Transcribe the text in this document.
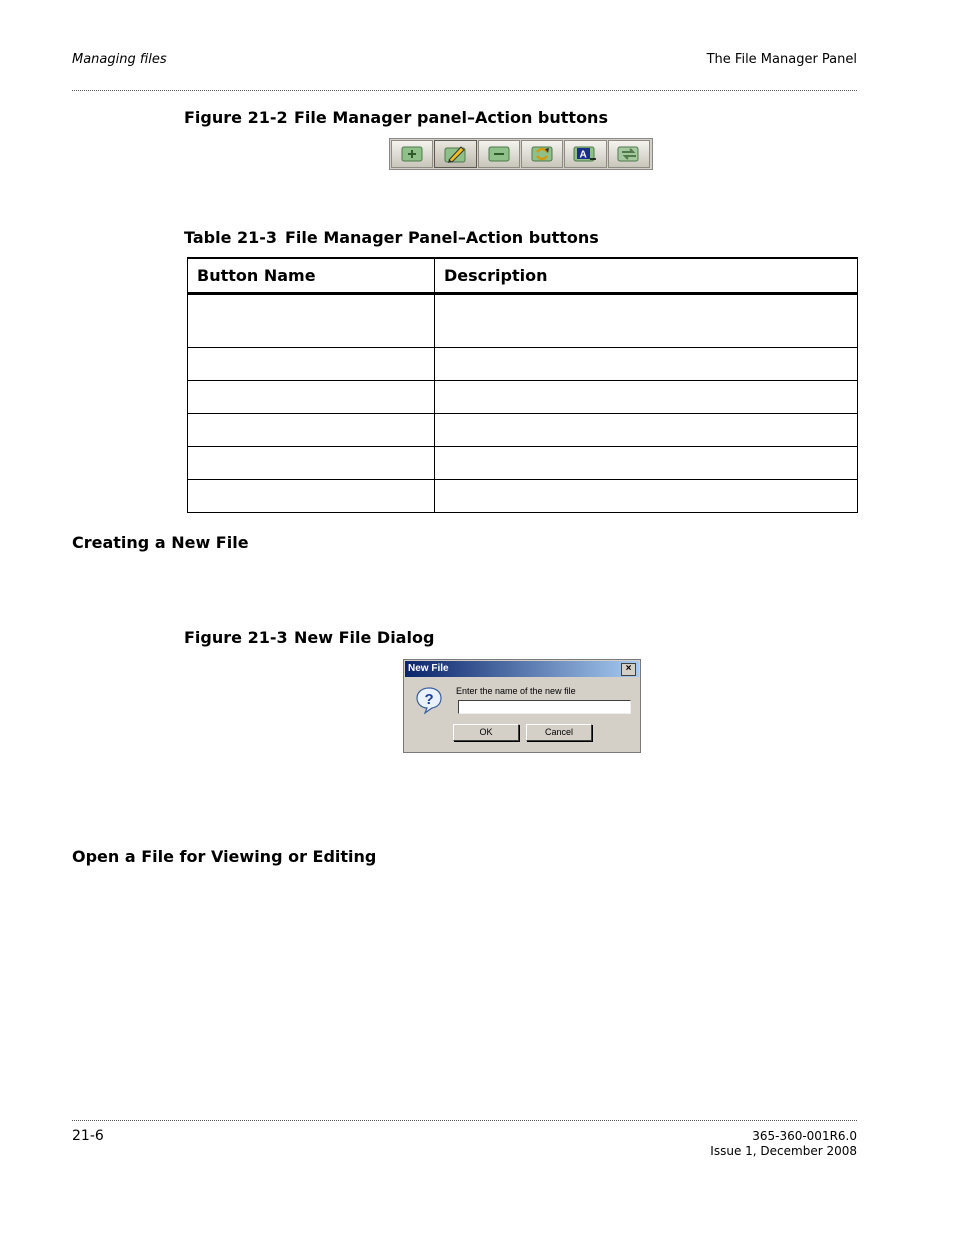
Managing files	The File Manager Panel
Figure 21-2 File Manager panel–Action buttons
A
Table 21-3 File Manager Panel–Action buttons
Button Name	Description

Creating a New File
Figure 21-3 New File Dialog
New File	×
? Enter the name of the new file
OK	Cancel
Open a File for Viewing or Editing
21-6	365-360-001R6.0
Issue 1, December 2008
